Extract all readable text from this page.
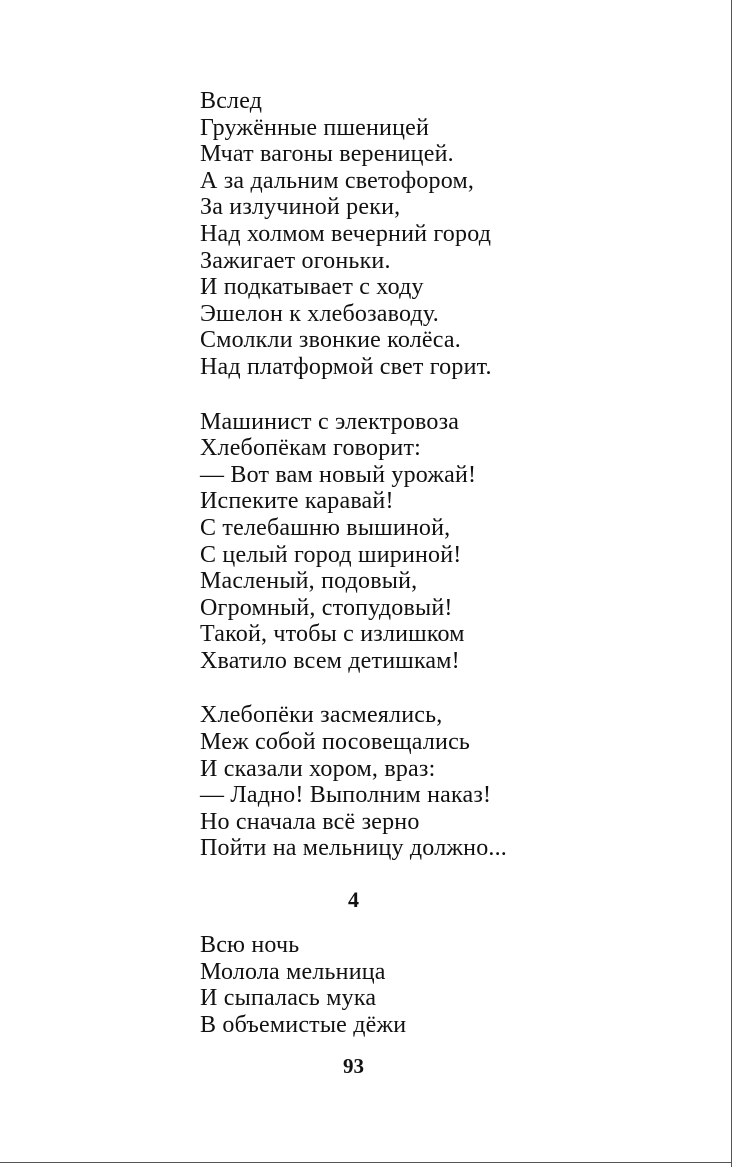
Вслед
Гружённые пшеницей
Мчат вагоны вереницей.
А за дальним светофором,
За излучиной реки,
Над холмом вечерний город
Зажигает огоньки.
И подкатывает с ходу
Эшелон к хлебозаводу.
Смолкли звонкие колёса.
Над платформой свет горит.
Машинист с электровоза
Хлебопёкам говорит:
— Вот вам новый урожай!
Испеките каравай!
С телебашню вышиной,
С целый город шириной!
Масленый, подовый,
Огромный, стопудовый!
Такой, чтобы с излишком
Хватило всем детишкам!
Хлебопёки засмеялись,
Меж собой посовещались
И сказали хором, враз:
— Ладно! Выполним наказ!
Но сначала всё зерно
Пойти на мельницу должно...
4
Всю ночь
Молола мельница
И сыпалась мука
В объемистые дёжи
93
